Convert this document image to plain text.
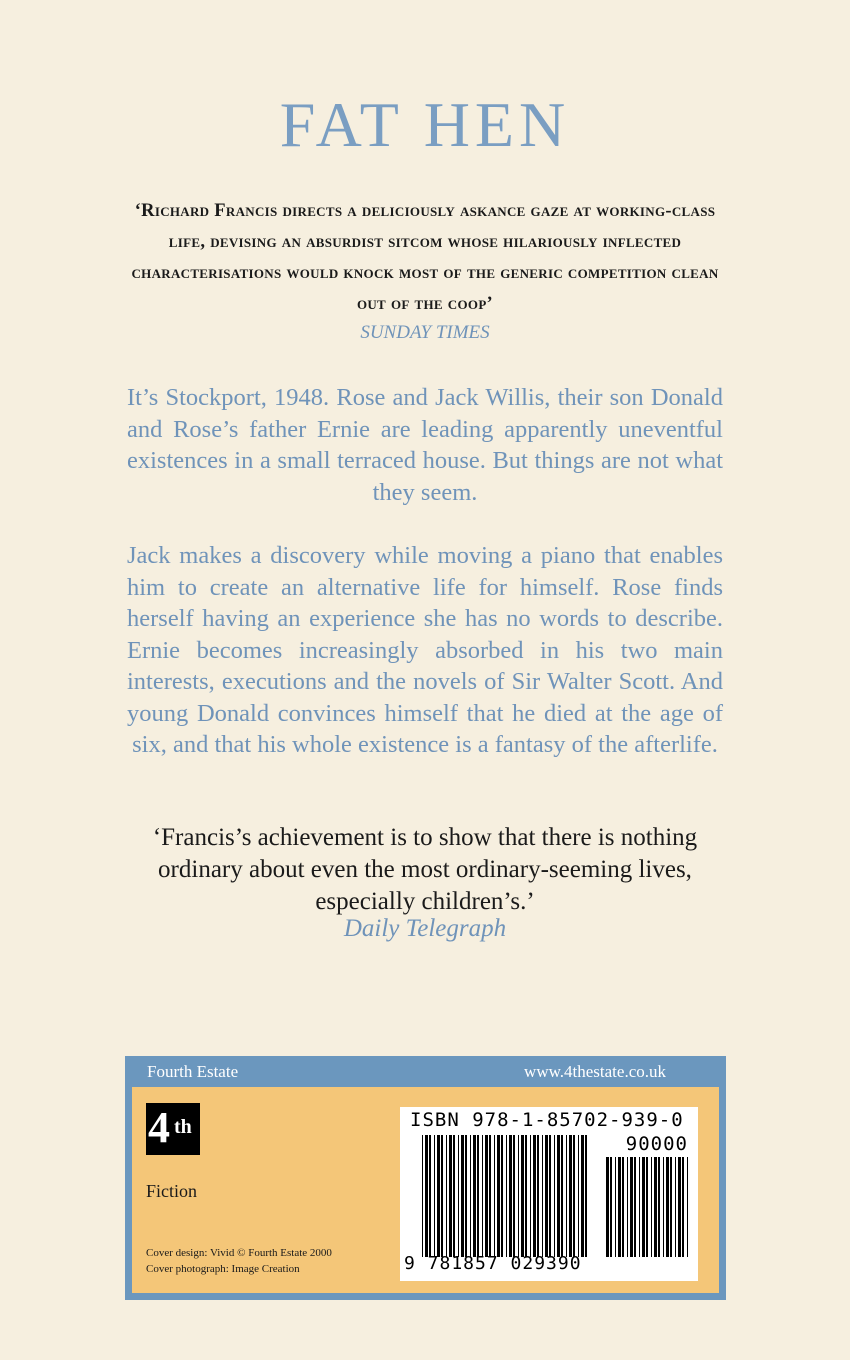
FAT HEN
‘Richard Francis directs a deliciously askance gaze at working-class life, devising an absurdist sitcom whose hilariously inflected characterisations would knock most of the generic competition clean out of the coop’
SUNDAY TIMES
It’s Stockport, 1948. Rose and Jack Willis, their son Donald and Rose’s father Ernie are leading apparently uneventful existences in a small terraced house. But things are not what they seem.
Jack makes a discovery while moving a piano that enables him to create an alternative life for himself. Rose finds herself having an experience she has no words to describe. Ernie becomes increasingly absorbed in his two main interests, executions and the novels of Sir Walter Scott. And young Donald convinces himself that he died at the age of six, and that his whole existence is a fantasy of the afterlife.
‘Francis’s achievement is to show that there is nothing
ordinary about even the most ordinary-seeming lives,
especially children’s.’
Daily Telegraph
Fourth Estate	www.4thestate.co.uk
4 th
Fiction
Cover design: Vivid © Fourth Estate 2000
Cover photograph: Image Creation
ISBN 978-1-85702-939-0
90000
9 781857 029390
